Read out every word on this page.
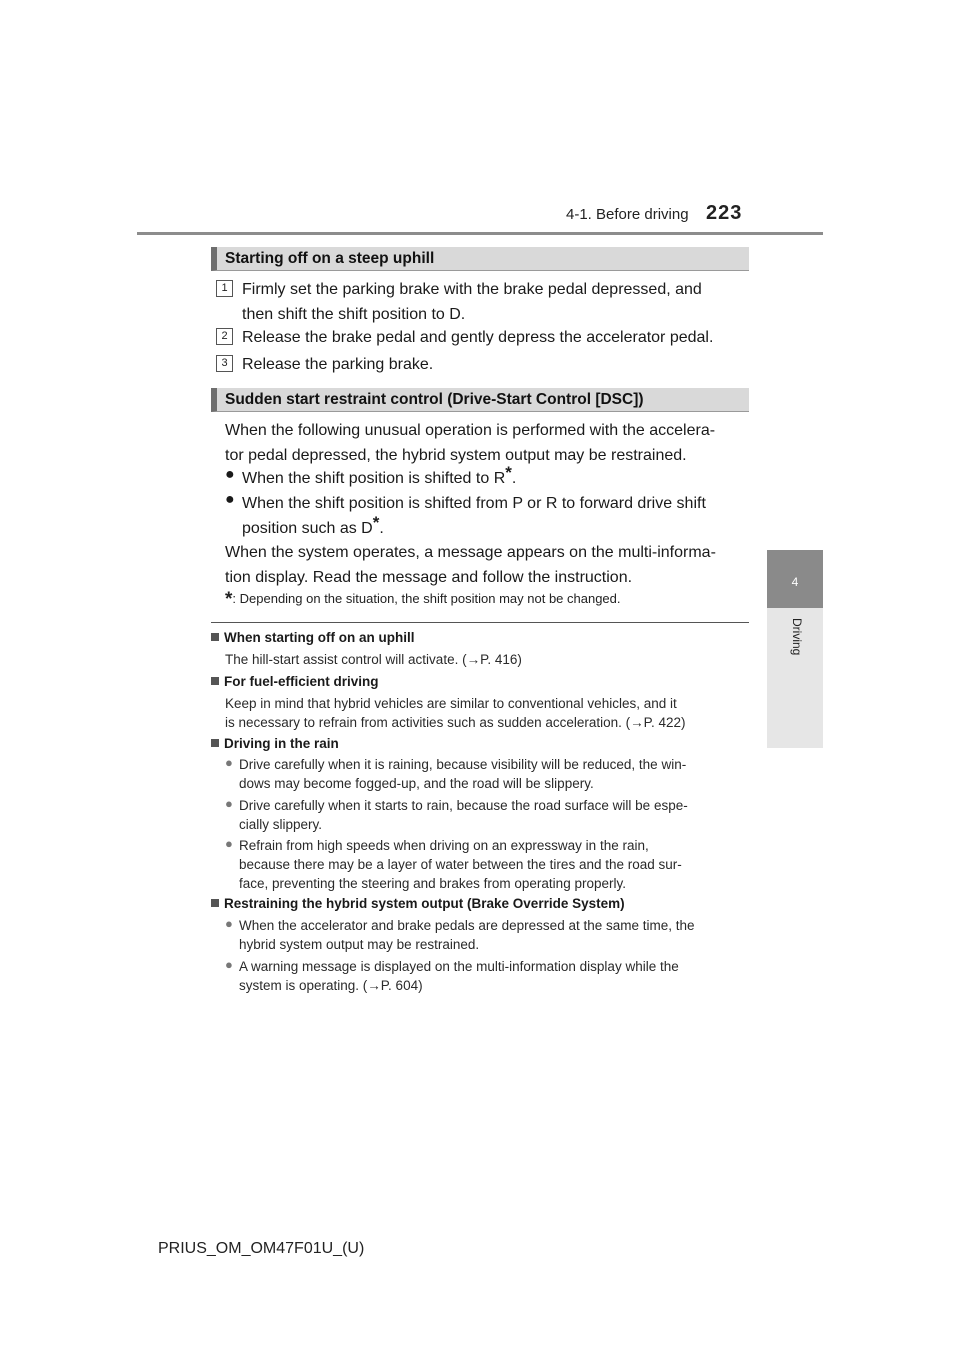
4-1. Before driving 223
4
Driving
Starting off on a steep uphill
1 Firmly set the parking brake with the brake pedal depressed, and
then shift the shift position to D.
2 Release the brake pedal and gently depress the accelerator pedal.
3 Release the parking brake.
Sudden start restraint control (Drive-Start Control [DSC])
When the following unusual operation is performed with the accelera-
tor pedal depressed, the hybrid system output may be restrained.
● When the shift position is shifted to R*.
● When the shift position is shifted from P or R to forward drive shift
position such as D*.
When the system operates, a message appears on the multi-informa-
tion display. Read the message and follow the instruction.
*: Depending on the situation, the shift position may not be changed.
When starting off on an uphill
The hill-start assist control will activate. (→P. 416)
For fuel-efficient driving
Keep in mind that hybrid vehicles are similar to conventional vehicles, and it
is necessary to refrain from activities such as sudden acceleration. (→P. 422)
Driving in the rain
● Drive carefully when it is raining, because visibility will be reduced, the win-
dows may become fogged-up, and the road will be slippery.
● Drive carefully when it starts to rain, because the road surface will be espe-
cially slippery.
● Refrain from high speeds when driving on an expressway in the rain,
because there may be a layer of water between the tires and the road sur-
face, preventing the steering and brakes from operating properly.
Restraining the hybrid system output (Brake Override System)
● When the accelerator and brake pedals are depressed at the same time, the
hybrid system output may be restrained.
● A warning message is displayed on the multi-information display while the
system is operating. (→P. 604)
PRIUS_OM_OM47F01U_(U)
